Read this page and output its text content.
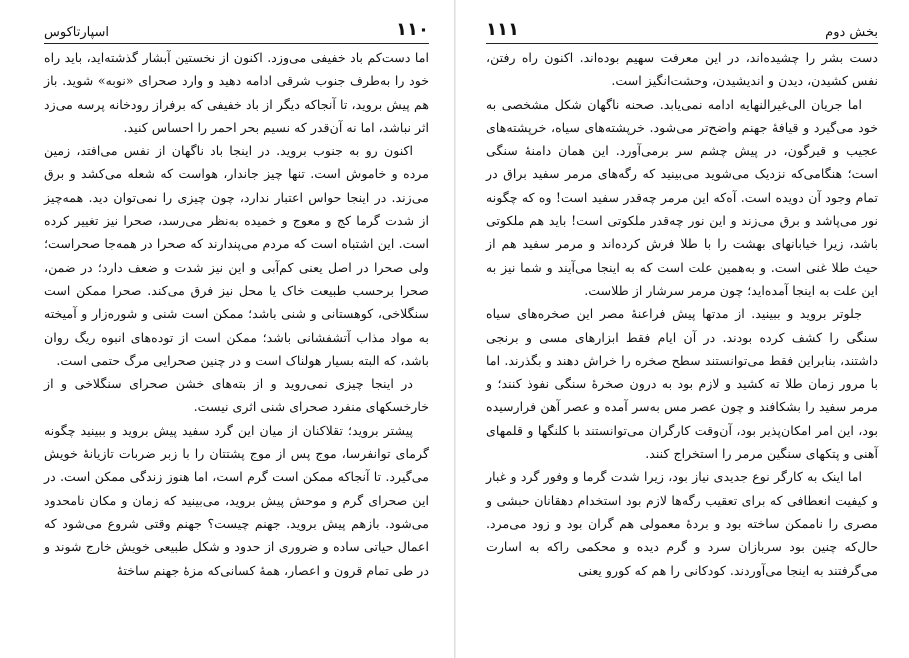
۱۱۰
اسپارتاکوس

اما دست‌کم باد خفیفی می‌وزد. اکنون از نخستین آبشار گذشته‌اید، باید راه خود را به‌طرف جنوب شرقی ادامه دهید و وارد صحرای «نوبه» شوید. باز هم پیش بروید، تا آنجاکه دیگر از باد خفیفی که برفراز رودخانه پرسه می‌زد اثر نباشد، اما نه آن‌قدر که نسیم بحر احمر را احساس کنید.

اکنون رو به جنوب بروید. در اینجا باد ناگهان از نفس می‌افتد، زمین مرده و خاموش است. تنها چیز جاندار، هواست که شعله می‌کشد و برق می‌زند. در اینجا حواس اعتبار ندارد، چون چیزی را نمی‌توان دید. همه‌چیز از شدت گرما کج و معوج و خمیده به‌نظر می‌رسد، صحرا نیز تغییر کرده است. این اشتباه است که مردم می‌پندارند که صحرا در همه‌جا صحراست؛ ولی صحرا در اصل یعنی کم‌آبی و این نیز شدت و ضعف دارد؛ در ضمن، صحرا برحسب طبیعت خاک یا محل نیز فرق می‌کند. صحرا ممکن است سنگلاخی، کوهستانی و شنی باشد؛ ممکن است شنی و شوره‌زار و آمیخته به مواد مذاب آتشفشانی باشد؛ ممکن است از توده‌های انبوه ریگ روان باشد، که البته بسیار هولناک است و در چنین صحرایی مرگ حتمی است.

در اینجا چیزی نمی‌روید و از بته‌های خشن صحرای سنگلاخی و از خارخسکهای منفرد صحرای شنی اثری نیست.

پیشتر بروید؛ تقلاکنان از میان این گرد سفید پیش بروید و ببینید چگونه گرمای توانفرسا، موج پس از موج پشتتان را با زبر ضربات تازیانهٔ خویش می‌گیرد. تا آنجاکه ممکن است گرم است، اما هنوز زندگی ممکن است. در این صحرای گرم و موحش پیش بروید، می‌بینید که زمان و مکان نامحدود می‌شود. بازهم پیش بروید. جهنم چیست؟ جهنم وقتی شروع می‌شود که اعمال حیاتی ساده و ضروری از حدود و شکل طبیعی خویش خارج شوند و در طی تمام قرون و اعصار، همهٔ کسانی‌که مزهٔ جهنم ساختهٔ

بخش دوم
۱۱۱

دست بشر را چشیده‌اند، در این معرفت سهیم بوده‌اند. اکنون راه رفتن، نفس کشیدن، دیدن و اندیشیدن، وحشت‌انگیز است.

اما جریان الی‌غیرالنهایه ادامه نمی‌یابد. صحنه ناگهان شکل مشخصی به خود می‌گیرد و قیافهٔ جهنم واضح‌تر می‌شود. خرپشته‌های سیاه، خرپشته‌های عجیب و قیرگون، در پیش چشم سر برمی‌آورد. این همان دامنهٔ سنگی است؛ هنگامی‌که نزدیک می‌شوید می‌بینید که رگه‌های مرمر سفید براق در تمام وجود آن دویده است. آه‌که این مرمر چه‌قدر سفید است! وه که چگونه نور می‌پاشد و برق می‌زند و این نور چه‌قدر ملکوتی است! باید هم ملکوتی باشد، زیرا خیابانهای بهشت را با طلا فرش کرده‌اند و مرمر سفید هم از حیث طلا غنی است. و به‌همین علت است که به اینجا می‌آیند و شما نیز به این علت به اینجا آمده‌اید؛ چون مرمر سرشار از طلاست.

جلوتر بروید و ببینید. از مدتها پیش فراعنهٔ مصر این صخره‌های سیاه سنگی را کشف کرده بودند. در آن ایام فقط ابزارهای مسی و برنجی داشتند، بنابراین فقط می‌توانستند سطح صخره را خراش دهند و بگذرند. اما با مرور زمان طلا ته کشید و لازم بود به درون صخرهٔ سنگی نفوذ کنند؛ و مرمر سفید را بشکافند و چون عصر مس به‌سر آمده و عصر آهن فرارسیده بود، این امر امکان‌پذیر بود، آن‌وقت کارگران می‌توانستند با کلنگها و قلمهای آهنی و پتکهای سنگین مرمر را استخراج کنند.

اما اینک به کارگر نوع جدیدی نیاز بود، زیرا شدت گرما و وفور گرد و غبار و کیفیت انعطافی که برای تعقیب رگه‌ها لازم بود استخدام دهقانان حبشی و مصری را ناممکن ساخته بود و بردهٔ معمولی هم گران بود و زود می‌مرد. حال‌که چنین بود سربازان سرد و گرم دیده و محکمی راکه به اسارت می‌گرفتند به اینجا می‌آوردند. کودکانی را هم که کورو یعنی
